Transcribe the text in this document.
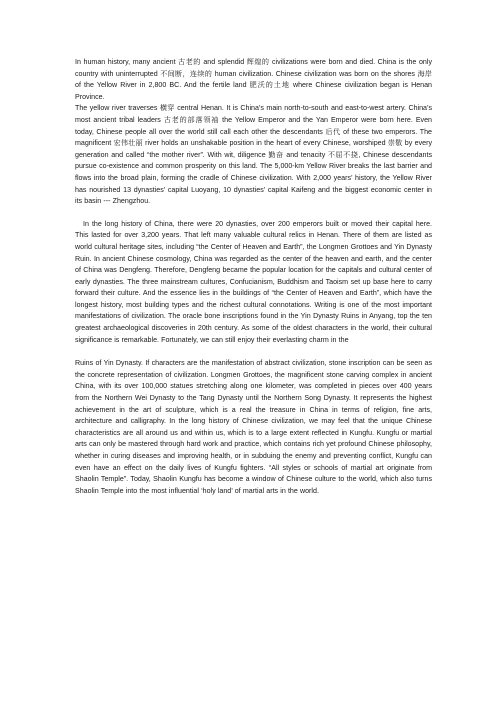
In human history, many ancient 古老的 and splendid 辉煌的 civilizations were born and died. China is the only country with uninterrupted 不间断，连续的 human civilization. Chinese civilization was born on the shores 海岸 of the Yellow River in 2,800 BC. And the fertile land 肥沃的土地 where Chinese civilization began is Henan Province.

The yellow river traverses 横穿 central Henan. It is China’s main north-to-south and east-to-west artery. China’s most ancient tribal leaders 古老的部落领袖 the Yellow Emperor and the Yan Emperor were born here. Even today, Chinese people all over the world still call each other the descendants 后代 of these two emperors. The magnificent 宏伟壮丽 river holds an unshakable position in the heart of every Chinese, worshiped 崇敬 by every generation and called “the mother river”. With wit, diligence 勤奋 and tenacity 不屈不挠, Chinese descendants pursue co-existence and common prosperity on this land. The 5,000-km Yellow River breaks the last barrier and flows into the broad plain, forming the cradle of Chinese civilization. With 2,000 years’ history, the Yellow River has nourished 13 dynasties’ capital Luoyang, 10 dynasties’ capital Kaifeng and the biggest economic center in its basin --- Zhengzhou.

In the long history of China, there were 20 dynasties, over 200 emperors built or moved their capital here. This lasted for over 3,200 years. That left many valuable cultural relics in Henan. There of them are listed as world cultural heritage sites, including “the Center of Heaven and Earth”, the Longmen Grottoes and Yin Dynasty Ruin. In ancient Chinese cosmology, China was regarded as the center of the heaven and earth, and the center of China was Dengfeng. Therefore, Dengfeng became the popular location for the capitals and cultural center of early dynasties. The three mainstream cultures, Confucianism, Buddhism and Taoism set up base here to carry forward their culture. And the essence lies in the buildings of “the Center of Heaven and Earth”, which have the longest history, most building types and the richest cultural connotations. Writing is one of the most important manifestations of civilization. The oracle bone inscriptions found in the Yin Dynasty Ruins in Anyang, top the ten greatest archaeological discoveries in 20th century. As some of the oldest characters in the world, their cultural significance is remarkable. Fortunately, we can still enjoy their everlasting charm in the

Ruins of Yin Dynasty. If characters are the manifestation of abstract civilization, stone inscription can be seen as the concrete representation of civilization. Longmen Grottoes, the magnificent stone carving complex in ancient China, with its over 100,000 statues stretching along one kilometer, was completed in pieces over 400 years from the Northern Wei Dynasty to the Tang Dynasty until the Northern Song Dynasty. It represents the highest achievement in the art of sculpture, which is a real the treasure in China in terms of religion, fine arts, architecture and calligraphy. In the long history of Chinese civilization, we may feel that the unique Chinese characteristics are all around us and within us, which is to a large extent reflected in Kungfu. Kungfu or martial arts can only be mastered through hard work and practice, which contains rich yet profound Chinese philosophy, whether in curing diseases and improving health, or in subduing the enemy and preventing conflict, Kungfu can even have an effect on the daily lives of Kungfu fighters. “All styles or schools of martial art originate from Shaolin Temple”. Today, Shaolin Kungfu has become a window of Chinese culture to the world, which also turns Shaolin Temple into the most influential ‘holy land’ of martial arts in the world.
